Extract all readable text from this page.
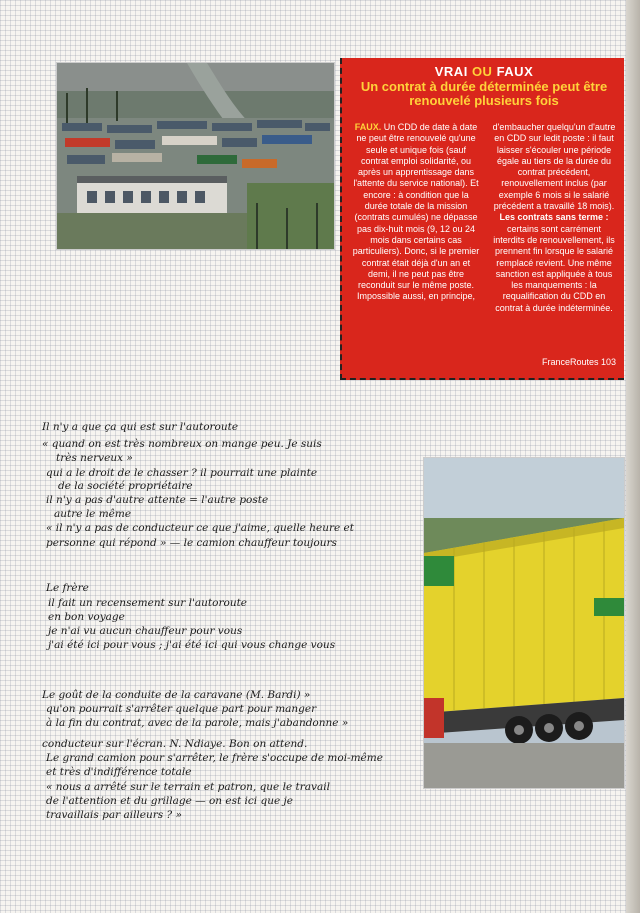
VRAI OU FAUX
Un contrat à durée déterminée peut être renouvelé plusieurs fois
FAUX. Un CDD de date à date ne peut être renouvelé qu'une seule et unique fois (sauf contrat emploi solidarité, ou après un apprentissage dans l'attente du service national). Et encore : à condition que la durée totale de la mission (contrats cumulés) ne dépasse pas dix-huit mois (9, 12 ou 24 mois dans certains cas particuliers). Donc, si le premier contrat était déjà d'un an et demi, il ne peut pas être reconduit sur le même poste.
Impossible aussi, en principe,
d'embaucher quelqu'un d'autre en CDD sur ledit poste : il faut laisser s'écouler une période égale au tiers de la durée du contrat précédent, renouvellement inclus (par exemple 6 mois si le salarié précédent a travaillé 18 mois). Les contrats sans terme : certains sont carrément interdits de renouvellement, ils prennent fin lorsque le salarié remplacé revient. Une même sanction est appliquée à tous les manquements : la requalification du CDD en contrat à durée indéterminée.
FranceRoutes 103
Il n'y a que ça qui est sur l'autoroute
« quand on est très nombreux on mange peu. Je suis
très nerveux »
qui a le droit de le chasser ? il pourrait une plainte
de la société propriétaire
il n'y a pas d'autre attente = l'autre poste
autre le même
« il n'y a pas de conducteur ce que j'aime, quelle heure et
personne qui répond » — le camion chauffeur toujours
Le frère
il fait un recensement sur l'autoroute
en bon voyage
je n'ai vu aucun chauffeur pour vous
j'ai été ici pour vous ; j'ai été ici qui vous change vous
Le goût de la conduite de la caravane (M. Bardi) »
qu'on pourrait s'arrêter quelque part pour manger
à la fin du contrat, avec de la parole, mais j'abandonne »
conducteur sur l'écran. N. Ndiaye. Bon on attend.
Le grand camion pour s'arrêter, le frère s'occupe de moi-même
et très d'indifférence totale
« nous a arrêté sur le terrain et patron, que le travail
de l'attention et du grillage — on est ici que je
travaillais par ailleurs ? »
